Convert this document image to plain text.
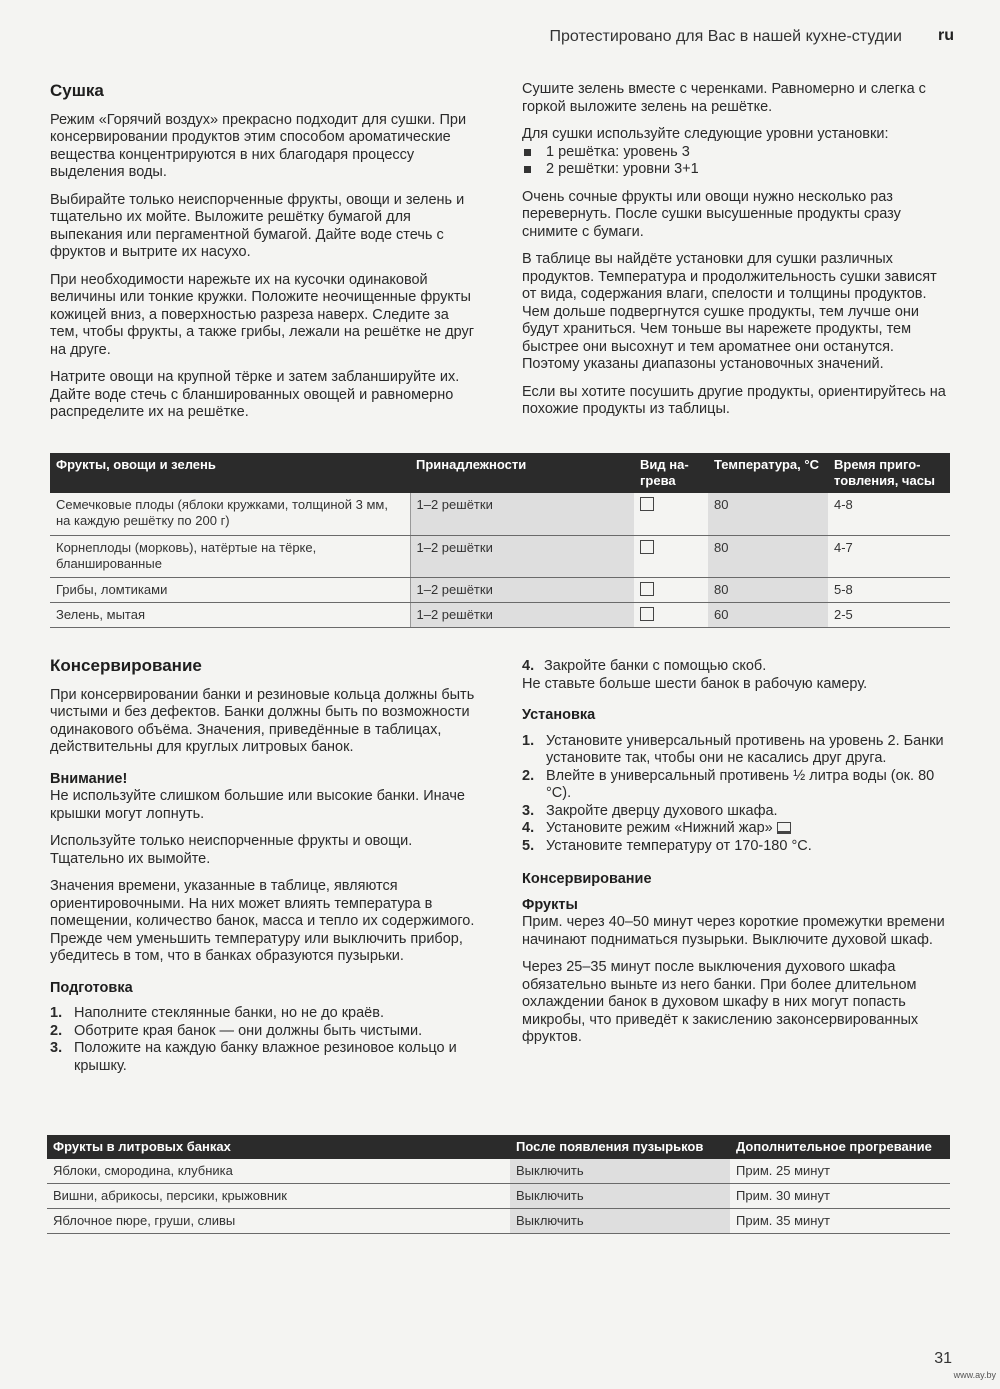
Протестировано для Вас в нашей кухне-студии ru
Сушка

Режим «Горячий воздух» прекрасно подходит для сушки. При консервировании продуктов этим способом ароматические вещества концентрируются в них благодаря процессу выделения воды.

Выбирайте только неиспорченные фрукты, овощи и зелень и тщательно их мойте. Выложите решётку бумагой для выпекания или пергаментной бумагой. Дайте воде стечь с фруктов и вытрите их насухо.

При необходимости нарежьте их на кусочки одинаковой величины или тонкие кружки. Положите неочищенные фрукты кожицей вниз, а поверхностью разреза наверх. Следите за тем, чтобы фрукты, а также грибы, лежали на решётке не друг на друге.

Натрите овощи на крупной тёрке и затем забланшируйте их. Дайте воде стечь с бланшированных овощей и равномерно распределите их на решётке.

Сушите зелень вместе с черенками. Равномерно и слегка с горкой выложите зелень на решётке.

Для сушки используйте следующие уровни установки:

1 решётка: уровень 3
2 решётки: уровни 3+1

Очень сочные фрукты или овощи нужно несколько раз перевернуть. После сушки высушенные продукты сразу снимите с бумаги.

В таблице вы найдёте установки для сушки различных продуктов. Температура и продолжительность сушки зависят от вида, содержания влаги, спелости и толщины продуктов. Чем дольше подвергнутся сушке продукты, тем лучше они будут храниться. Чем тоньше вы нарежете продукты, тем быстрее они высохнут и тем ароматнее они останутся. Поэтому указаны диапазоны установочных значений.

Если вы хотите посушить другие продукты, ориентируйтесь на похожие продукты из таблицы.

Фрукты, овощи и зелень	Принадлежности	Вид на-грева	Температура, °C	Время приго-товления, часы
Семечковые плоды (яблоки кружками, толщиной 3 мм, на каждую решётку по 200 г)	1–2 решётки		80	4-8
Корнеплоды (морковь), натёртые на тёрке, бланшированные	1–2 решётки		80	4-7
Грибы, ломтиками	1–2 решётки		80	5-8
Зелень, мытая	1–2 решётки		60	2-5
Консервирование

При консервировании банки и резиновые кольца должны быть чистыми и без дефектов. Банки должны быть по возможности одинакового объёма. Значения, приведённые в таблицах, действительны для круглых литровых банок.

Внимание!

Не используйте слишком большие или высокие банки. Иначе крышки могут лопнуть.

Используйте только неиспорченные фрукты и овощи. Тщательно их вымойте.

Значения времени, указанные в таблице, являются ориентировочными. На них может влиять температура в помещении, количество банок, масса и тепло их содержимого. Прежде чем уменьшить температуру или выключить прибор, убедитесь в том, что в банках образуются пузырьки.

Подготовка
1. Наполните стеклянные банки, но не до краёв.
2. Оботрите края банок — они должны быть чистыми.
3. Положите на каждую банку влажное резиновое кольцо и крышку.
4. Закройте банки с помощью скоб.

Не ставьте больше шести банок в рабочую камеру.

Установка
1. Установите универсальный противень на уровень 2. Банки установите так, чтобы они не касались друг друга.
2. Влейте в универсальный противень ½ литра воды (ок. 80 °C).
3. Закройте дверцу духового шкафа.
4. Установите режим «Нижний жар»
5. Установите температуру от 170-180 °C.
Консервирование
Фрукты

Прим. через 40–50 минут через короткие промежутки времени начинают подниматься пузырьки. Выключите духовой шкаф.

Через 25–35 минут после выключения духового шкафа обязательно выньте из него банки. При более длительном охлаждении банок в духовом шкафу в них могут попасть микробы, что приведёт к закислению законсервированных фруктов.

Фрукты в литровых банках	После появления пузырьков	Дополнительное прогревание
Яблоки, смородина, клубника	Выключить	Прим. 25 минут
Вишни, абрикосы, персики, крыжовник	Выключить	Прим. 30 минут
Яблочное пюре, груши, сливы	Выключить	Прим. 35 минут
31
www.ay.by
